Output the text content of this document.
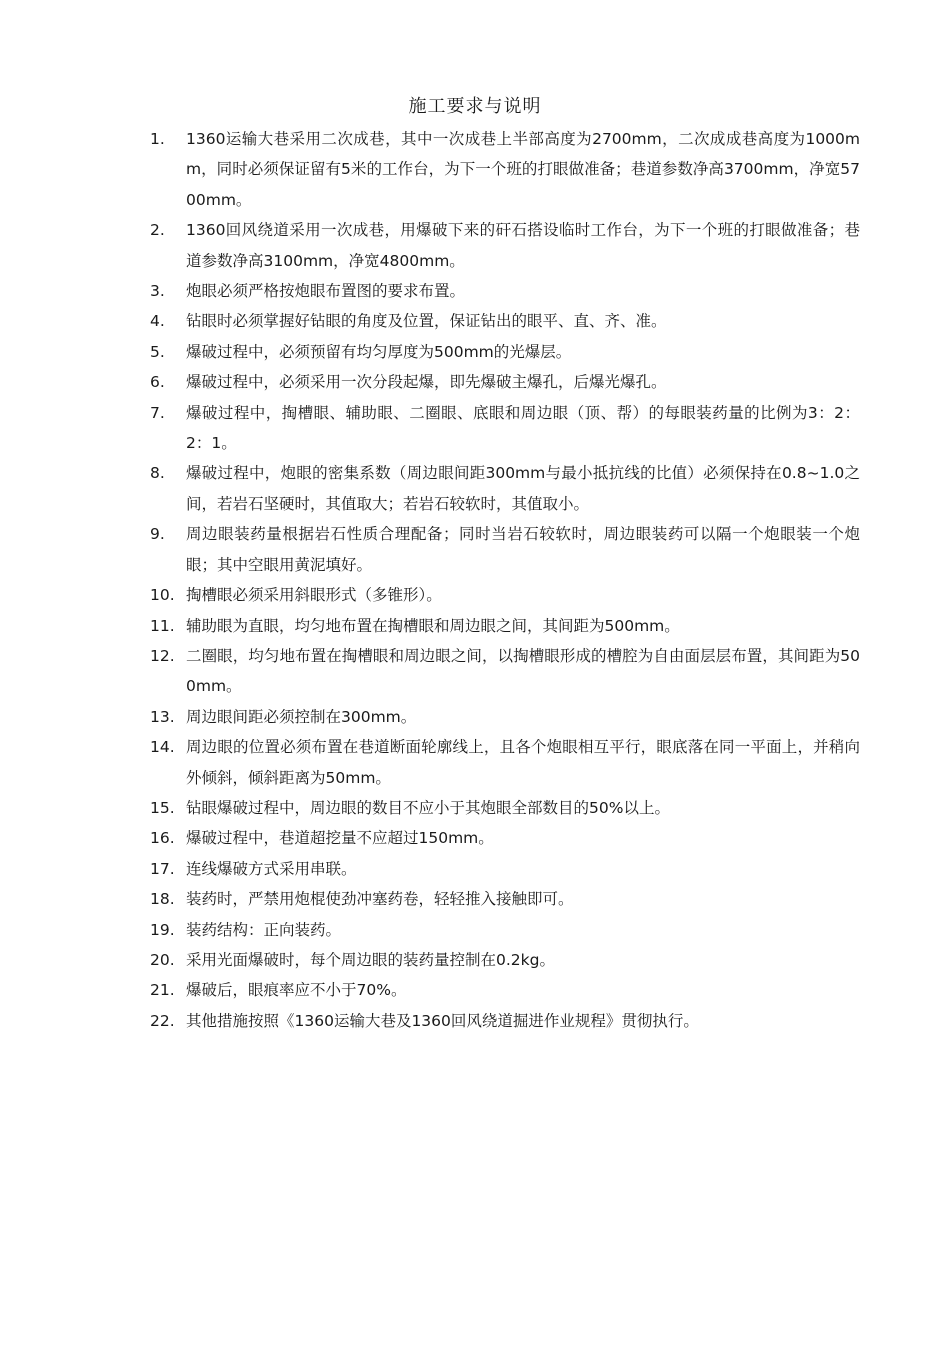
施工要求与说明
1.	1360运输大巷采用二次成巷，其中一次成巷上半部高度为2700mm，二次成成巷高度为1000mm，同时必须保证留有5米的工作台，为下一个班的打眼做准备；巷道参数净高3700mm，净宽5700mm。
2.	1360回风绕道采用一次成巷，用爆破下来的矸石搭设临时工作台，为下一个班的打眼做准备；巷道参数净高3100mm，净宽4800mm。
3.	炮眼必须严格按炮眼布置图的要求布置。
4.	钻眼时必须掌握好钻眼的角度及位置，保证钻出的眼平、直、齐、准。
5.	爆破过程中，必须预留有均匀厚度为500mm的光爆层。
6.	爆破过程中，必须采用一次分段起爆，即先爆破主爆孔，后爆光爆孔。
7.	爆破过程中，掏槽眼、辅助眼、二圈眼、底眼和周边眼（顶、帮）的每眼装药量的比例为3：2：2：1。
8.	爆破过程中，炮眼的密集系数（周边眼间距300mm与最小抵抗线的比值）必须保持在0.8~1.0之间，若岩石坚硬时，其值取大；若岩石较软时，其值取小。
9.	周边眼装药量根据岩石性质合理配备；同时当岩石较软时，周边眼装药可以隔一个炮眼装一个炮眼；其中空眼用黄泥填好。
10. 掏槽眼必须采用斜眼形式（多锥形）。
11. 辅助眼为直眼，均匀地布置在掏槽眼和周边眼之间，其间距为500mm。
12. 二圈眼，均匀地布置在掏槽眼和周边眼之间，以掏槽眼形成的槽腔为自由面层层布置，其间距为500mm。
13. 周边眼间距必须控制在300mm。
14. 周边眼的位置必须布置在巷道断面轮廓线上，且各个炮眼相互平行，眼底落在同一平面上，并稍向外倾斜，倾斜距离为50mm。
15. 钻眼爆破过程中，周边眼的数目不应小于其炮眼全部数目的50%以上。
16. 爆破过程中，巷道超挖量不应超过150mm。
17. 连线爆破方式采用串联。
18. 装药时，严禁用炮棍使劲冲塞药卷，轻轻推入接触即可。
19. 装药结构：正向装药。
20. 采用光面爆破时，每个周边眼的装药量控制在0.2kg。
21. 爆破后，眼痕率应不小于70%。
22. 其他措施按照《1360运输大巷及1360回风绕道掘进作业规程》贯彻执行。
